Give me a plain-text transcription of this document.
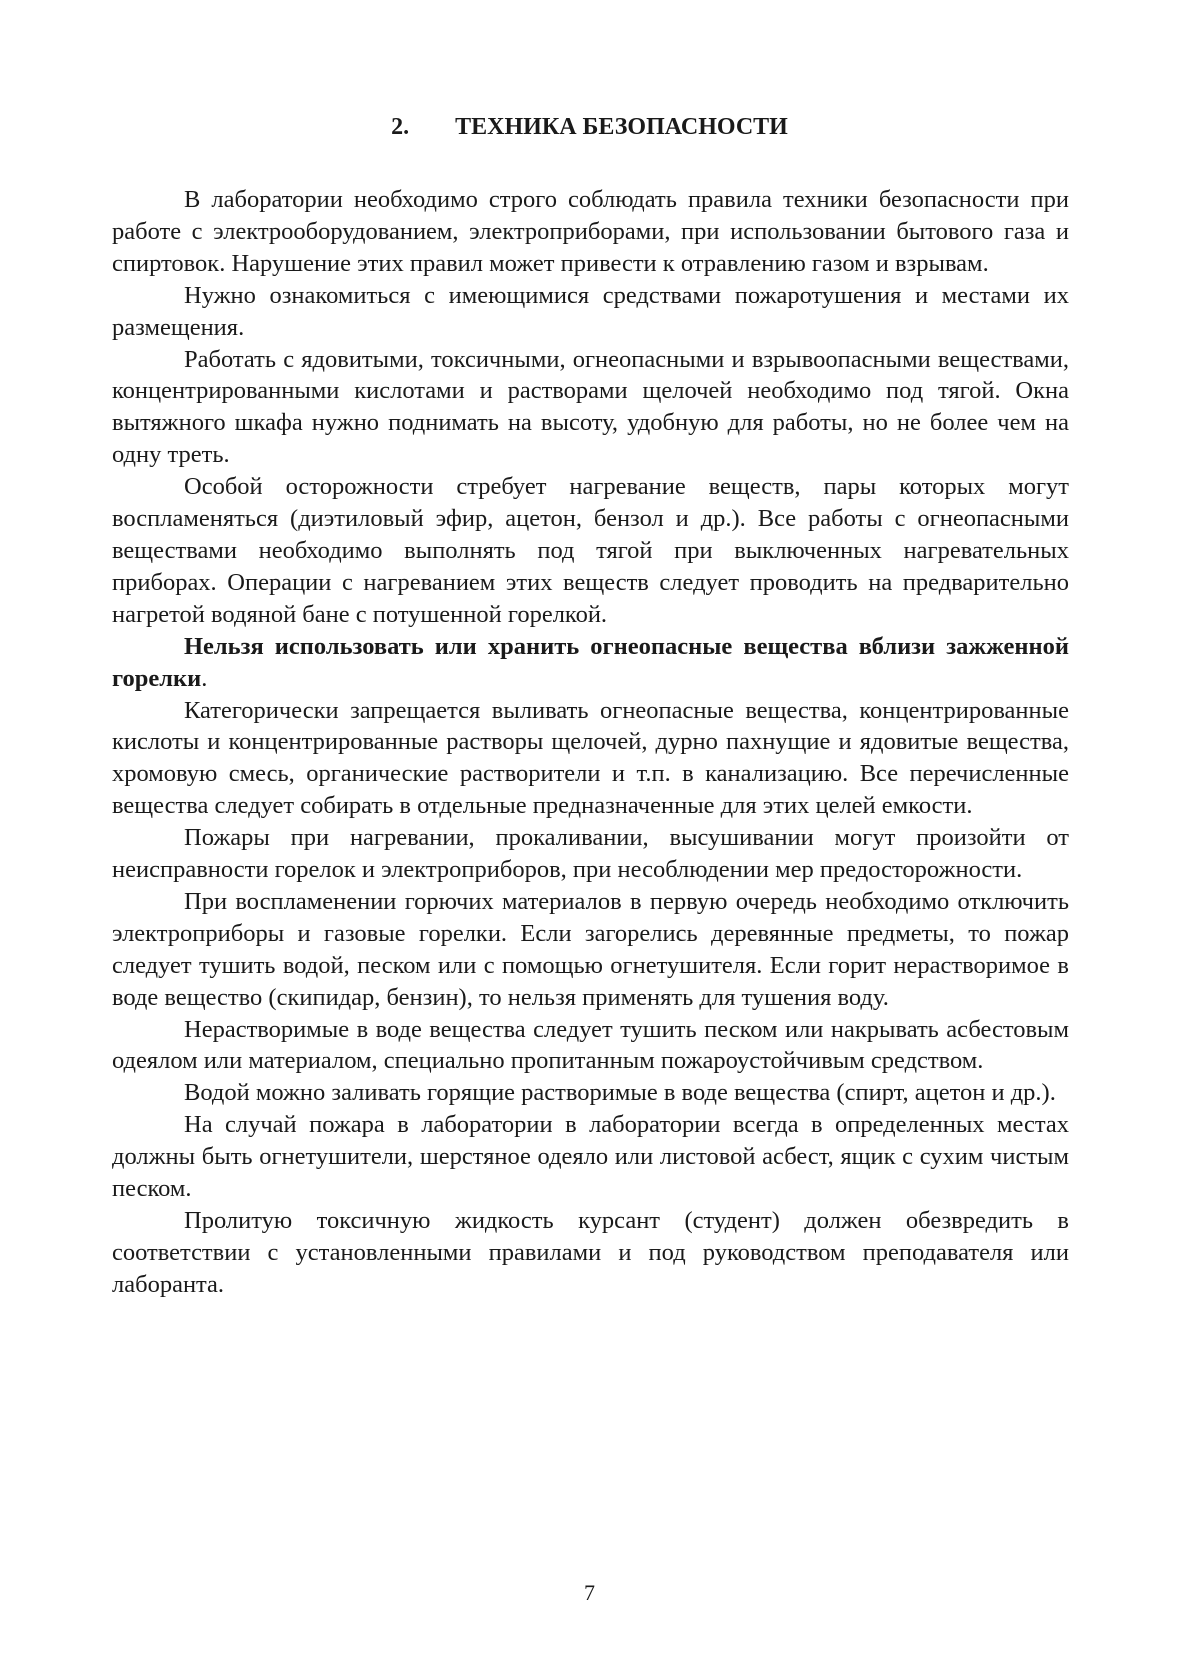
2. ТЕХНИКА БЕЗОПАСНОСТИ

В лаборатории необходимо строго соблюдать правила техники безопасности при работе с электрооборудованием, электроприборами, при использовании бытового газа и спиртовок. Нарушение этих правил может привести к отравлению газом и взрывам.

Нужно ознакомиться с имеющимися средствами пожаротушения и местами их размещения.

Работать с ядовитыми, токсичными, огнеопасными и взрывоопасными веществами, концентрированными кислотами и растворами щелочей необходимо под тягой. Окна вытяжного шкафа нужно поднимать на высоту, удобную для работы, но не более чем на одну треть.

Особой осторожности стребует нагревание веществ, пары которых могут воспламеняться (диэтиловый эфир, ацетон, бензол и др.). Все работы с огнеопасными веществами необходимо выполнять под тягой при выключенных нагревательных приборах. Операции с нагреванием этих веществ следует проводить на предварительно нагретой водяной бане с потушенной горелкой.

Нельзя использовать или хранить огнеопасные вещества вблизи зажженной горелки.

Категорически запрещается выливать огнеопасные вещества, концентрированные кислоты и концентрированные растворы щелочей, дурно пахнущие и ядовитые вещества, хромовую смесь, органические растворители и т.п. в канализацию. Все перечисленные вещества следует собирать в отдельные предназначенные для этих целей емкости.

Пожары при нагревании, прокаливании, высушивании могут произойти от неисправности горелок и электроприборов, при несоблюдении мер предосторожности.

При воспламенении горючих материалов в первую очередь необходимо отключить электроприборы и газовые горелки. Если загорелись деревянные предметы, то пожар следует тушить водой, песком или с помощью огнетушителя. Если горит нерастворимое в воде вещество (скипидар, бензин), то нельзя применять для тушения воду.

Нерастворимые в воде вещества следует тушить песком или накрывать асбестовым одеялом или материалом, специально пропитанным пожароустойчивым средством.

Водой можно заливать горящие растворимые в воде вещества (спирт, ацетон и др.).

На случай пожара в лаборатории в лаборатории всегда в определенных местах должны быть огнетушители, шерстяное одеяло или листовой асбест, ящик с сухим чистым песком.

Пролитую токсичную жидкость курсант (студент) должен обезвредить в соответствии с установленными правилами и под руководством преподавателя или лаборанта.

7
